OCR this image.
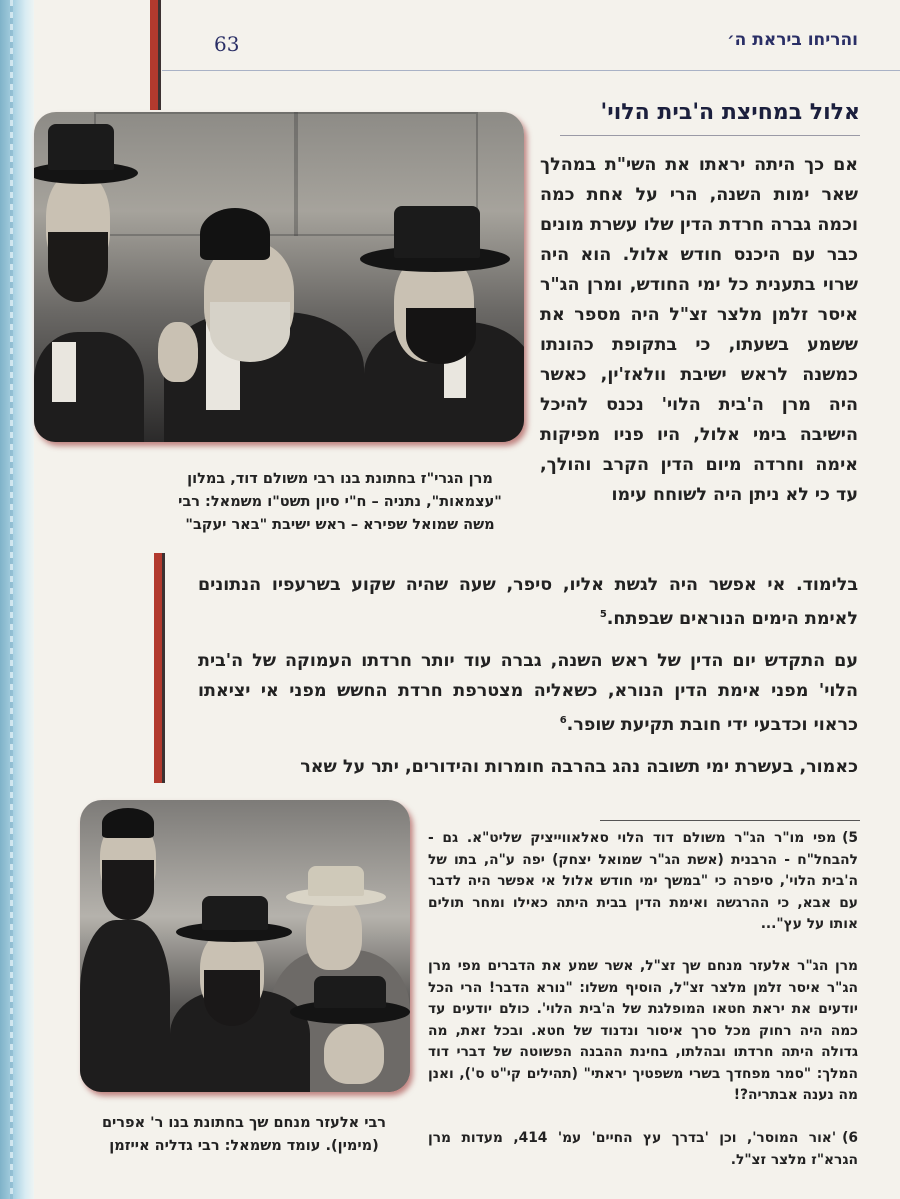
והריחו ביראת ה׳
63
אלול במחיצת ה'בית הלוי'

אם כך היתה יראתו את השי"ת במהלך שאר ימות השנה, הרי על אחת כמה וכמה גברה חרדת הדין שלו עשרת מונים כבר עם היכנס חודש אלול. הוא היה שרוי בתענית כל ימי החודש, ומרן הג"ר איסר זלמן מלצר זצ"ל היה מספר את ששמע בשעתו, כי בתקופת כהונתו כמשנה לראש ישיבת וולאז'ין, כאשר היה מרן ה'בית הלוי' נכנס להיכל הישיבה בימי אלול, היו פניו מפיקות אימה וחרדה מיום הדין הקרב והולך, עד כי לא ניתן היה לשוחח עימו

בלימוד. אי אפשר היה לגשת אליו, סיפר, שעה שהיה שקוע בשרעפיו הנתונים לאימת הימים הנוראים שבפתח.$^5$

מרן הגרי"ז בחתונת בנו רבי משולם דוד, במלון "עצמאות", נתניה – ח"י סיון תשט"ו משמאל: רבי משה שמואל שפירא – ראש ישיבת "באר יעקב"

עם התקדש יום הדין של ראש השנה, גברה עוד יותר חרדתו העמוקה של ה'בית הלוי' מפני אימת הדין הנורא, כשאליה מצטרפת חרדת החשש מפני אי יציאתו כראוי וכדבעי ידי חובת תקיעת שופר.$^6$

כאמור, בעשרת ימי תשובה נהג בהרבה חומרות והידורים, יתר על שאר

רבי אלעזר מנחם שך בחתונת בנו ר' אפרים (מימין). עומד משמאל: רבי גדליה אייזמן

5)מפי מו"ר הג"ר משולם דוד הלוי סאלאווייציק שליט"א. גם - להבחל"ח - הרבנית (אשת הג"ר שמואל יצחק) יפה ע"ה, בתו של ה'בית הלוי', סיפרה כי "במשך ימי חודש אלול אי אפשר היה לדבר עם אבא, כי ההרגשה ואימת הדין בבית היתה כאילו ומחר תולים אותו על עץ"...

מרן הג"ר אלעזר מנחם שך זצ"ל, אשר שמע את הדברים מפי מרן הג"ר איסר זלמן מלצר זצ"ל, הוסיף משלו: "נורא הדבר! הרי הכל יודעים את יראת חטאו המופלגת של ה'בית הלוי'. כולם יודעים עד כמה היה רחוק מכל סרך איסור ונדנוד של חטא. ובכל זאת, מה גדולה היתה חרדתו ובהלתו, בחינת ההבנה הפשוטה של דברי דוד המלך: "סמר מפחדך בשרי משפטיך יראתי" (תהילים קי"ט ס'), ואנן מה נענה אבתריה?!

6)'אור המוסר', וכן 'בדרך עץ החיים' עמ' 414, מעדות מרן הגרא"ז מלצר זצ"ל.
